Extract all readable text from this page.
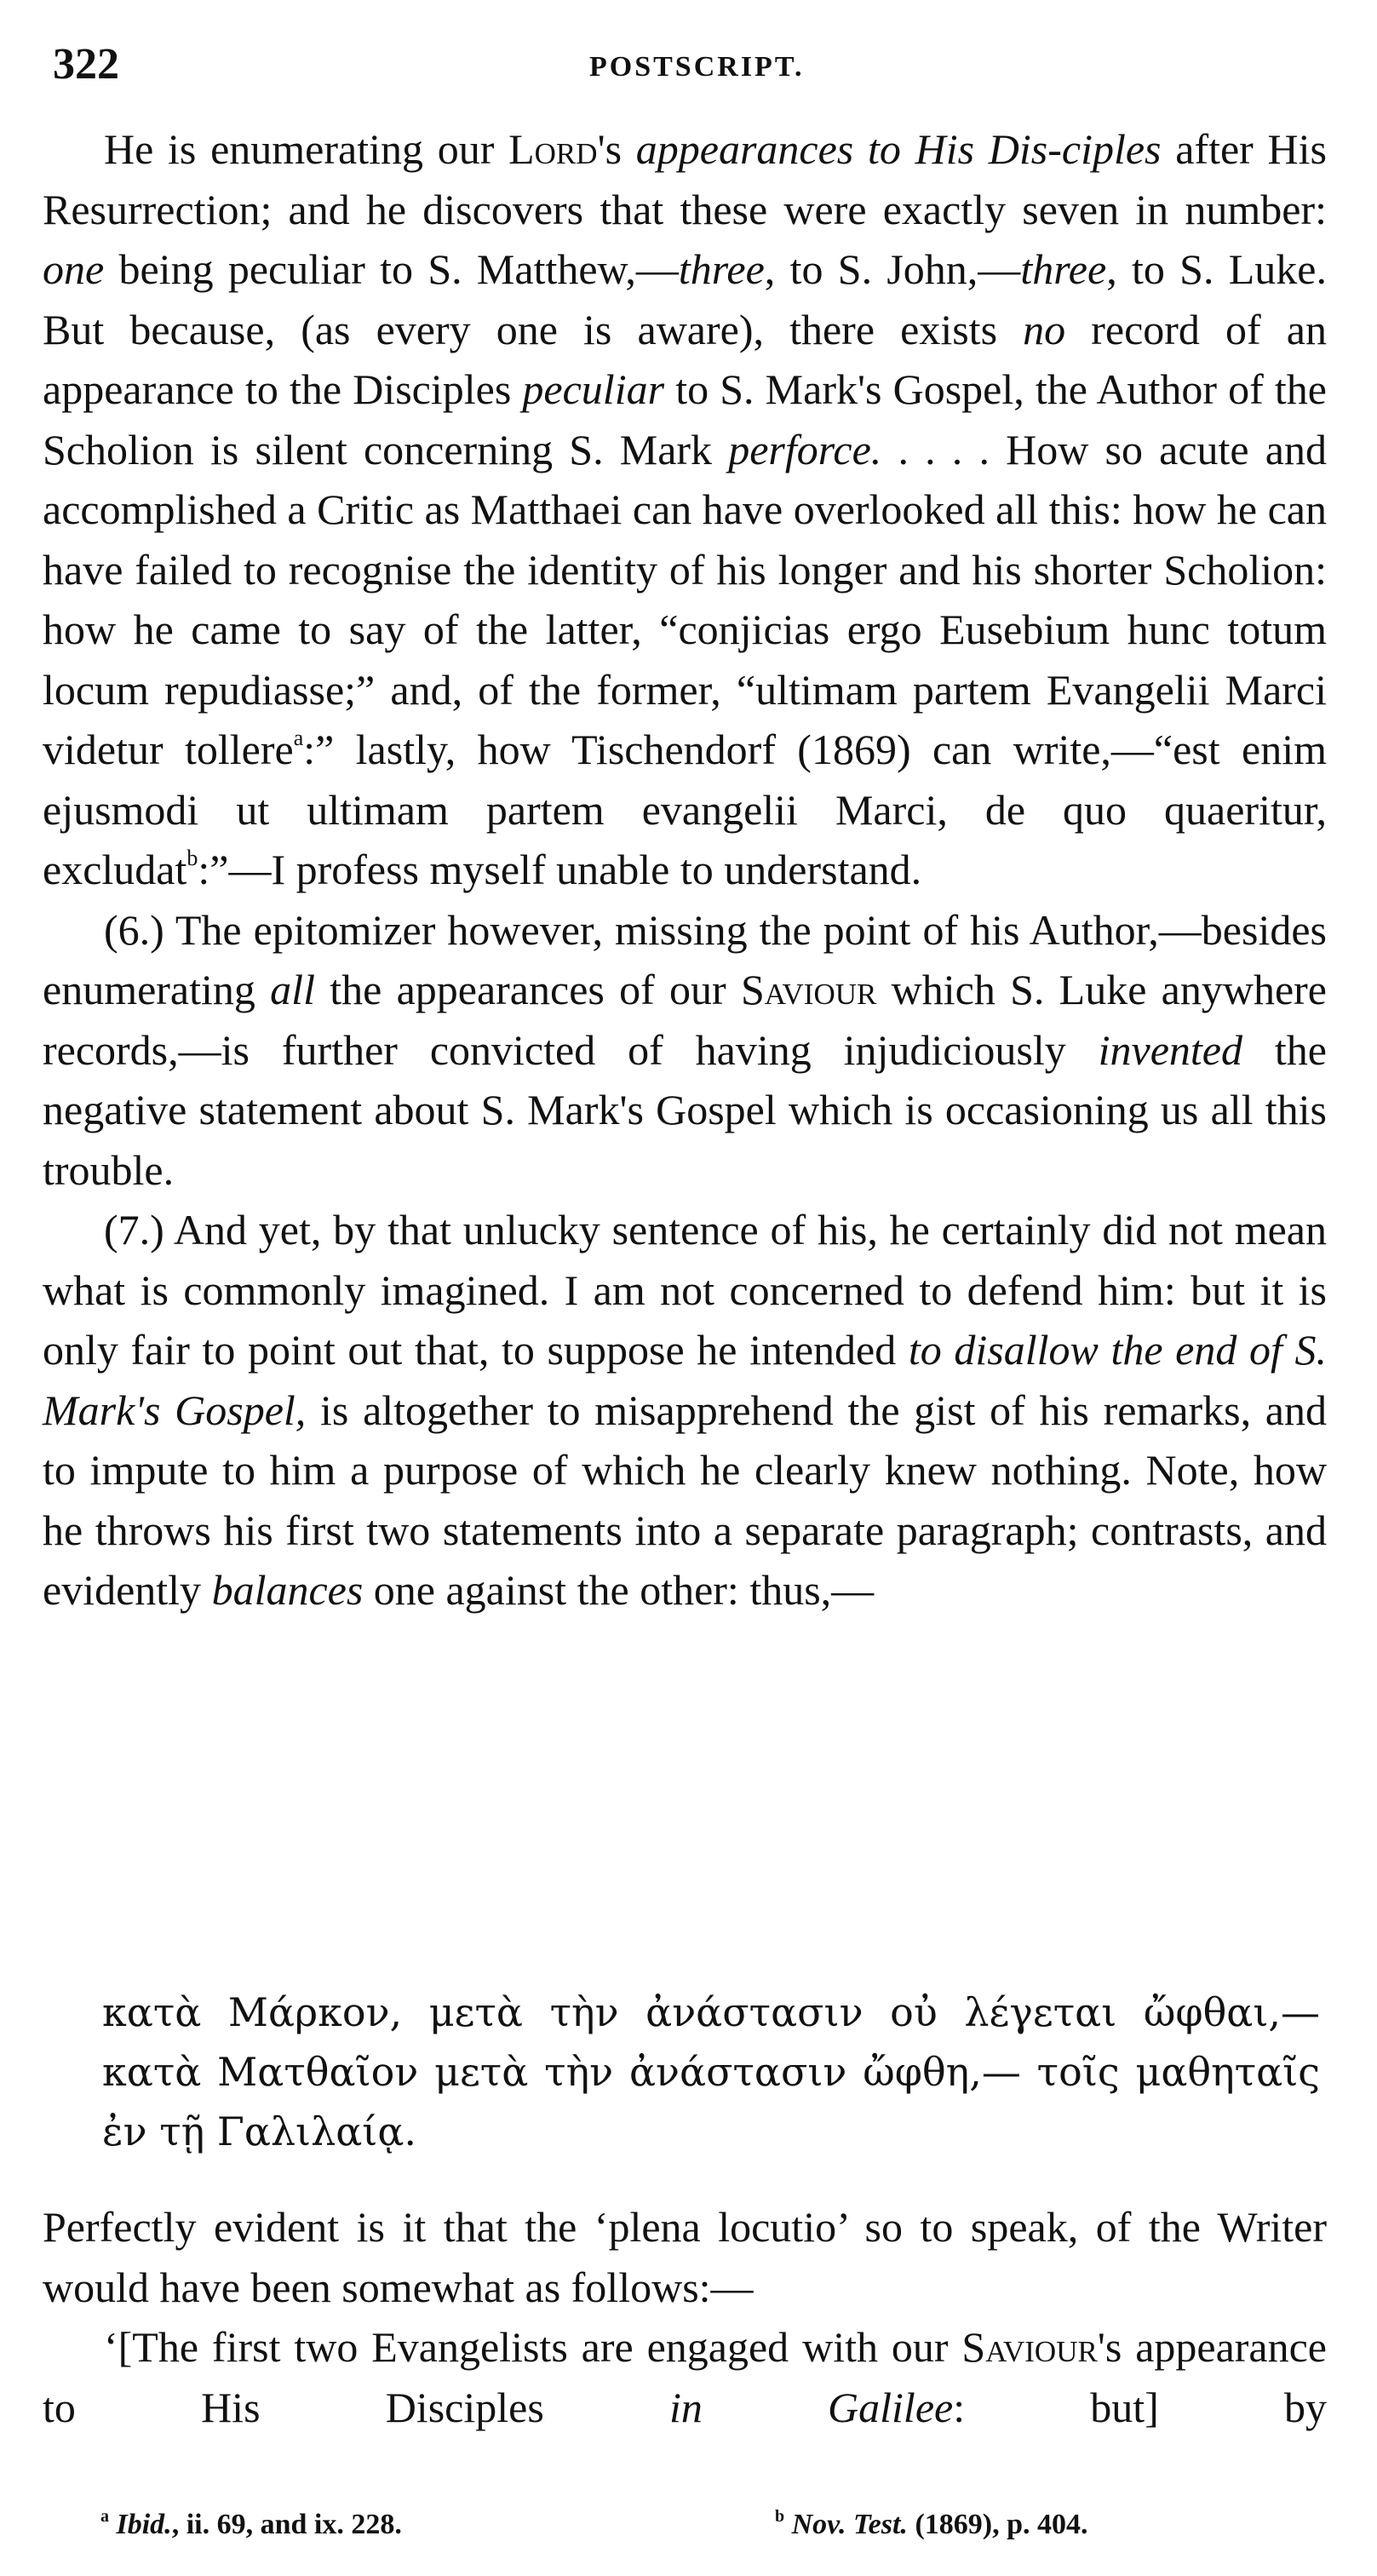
322	POSTSCRIPT.

He is enumerating our Lord's appearances to His Dis-ciples after His Resurrection; and he discovers that these were exactly seven in number: one being peculiar to S. Matthew,—three, to S. John,—three, to S. Luke. But because, (as every one is aware), there exists no record of an appearance to the Disciples peculiar to S. Mark's Gospel, the Author of the Scholion is silent concerning S. Mark perforce. . . . . How so acute and accomplished a Critic as Matthaei can have overlooked all this: how he can have failed to recognise the identity of his longer and his shorter Scholion: how he came to say of the latter, “conjicias ergo Eusebium hunc totum locum repudiasse;” and, of the former, “ultimam partem Evangelii Marci videtur tollere$^a$:” lastly, how Tischendorf (1869) can write,—“est enim ejusmodi ut ultimam partem evangelii Marci, de quo quaeritur, excludat$^b$:”—I profess myself unable to understand.

(6.) The epitomizer however, missing the point of his Author,—besides enumerating all the appearances of our Saviour which S. Luke anywhere records,—is further convicted of having injudiciously invented the negative statement about S. Mark's Gospel which is occasioning us all this trouble.

(7.) And yet, by that unlucky sentence of his, he certainly did not mean what is commonly imagined. I am not concerned to defend him: but it is only fair to point out that, to suppose he intended to disallow the end of S. Mark's Gospel, is altogether to misapprehend the gist of his remarks, and to impute to him a purpose of which he clearly knew nothing. Note, how he throws his first two statements into a separate paragraph; contrasts, and evidently balances one against the other: thus,—

κατὰ Μάρκον, μετὰ τὴν ἀνάστασιν οὐ λέγεται ὤφθαι,—

κατὰ Ματθαῖον μετὰ τὴν ἀνάστασιν ὤφθη,— τοῖς μαθηταῖς

ἐν τῇ Γαλιλαίᾳ.

Perfectly evident is it that the ‘plena locutio’ so to speak, of the Writer would have been somewhat as follows:—

‘[The first two Evangelists are engaged with our Saviour's appearance to His Disciples in Galilee: but] by

$^a$ Ibid., ii. 69, and ix. 228.	$^b$ Nov. Test. (1869), p. 404.
